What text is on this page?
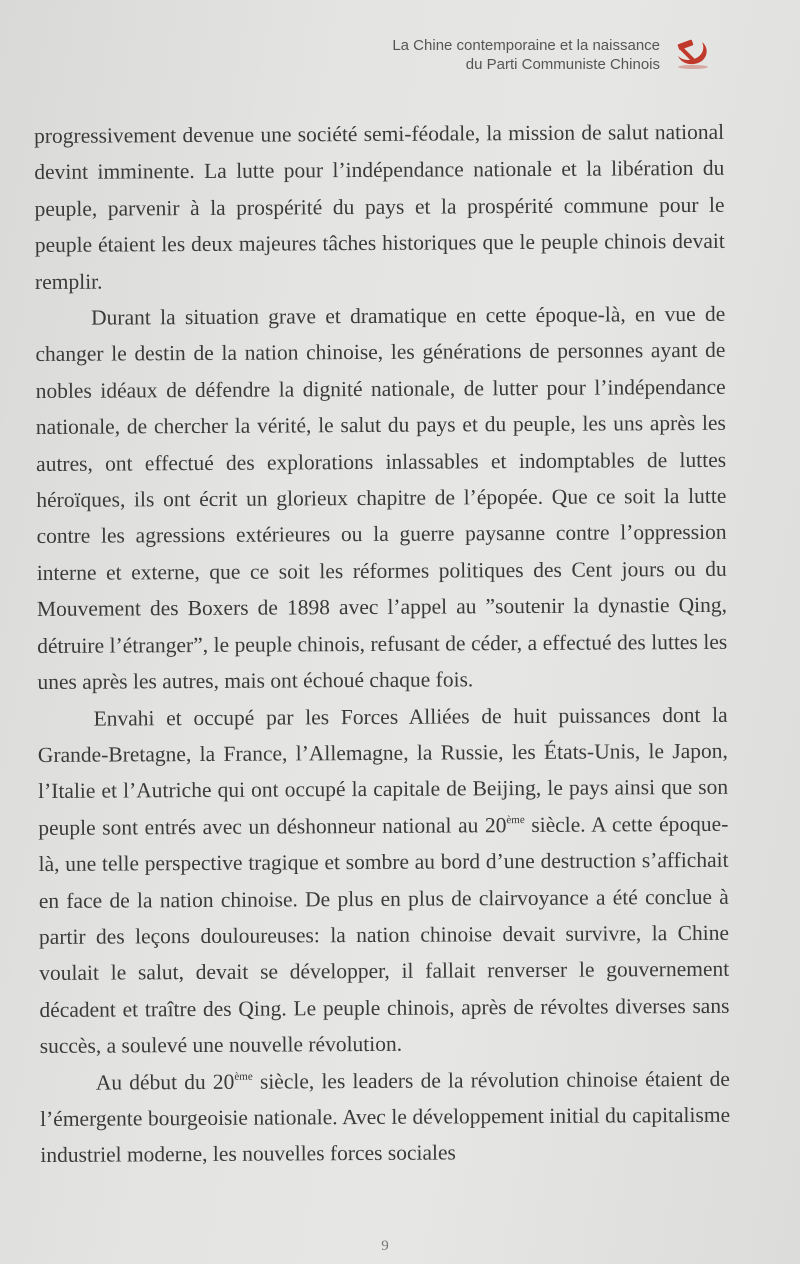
La Chine contemporaine et la naissance
du Parti Communiste Chinois

progressivement devenue une société semi-féodale, la mission de salut national devint imminente. La lutte pour l’indépendance nationale et la libération du peuple, parvenir à la prospérité du pays et la prospérité commune pour le peuple étaient les deux majeures tâches historiques que le peuple chinois devait remplir.

Durant la situation grave et dramatique en cette époque-là, en vue de changer le destin de la nation chinoise, les générations de personnes ayant de nobles idéaux de défendre la dignité nationale, de lutter pour l’indépendance nationale, de chercher la vérité, le salut du pays et du peuple, les uns après les autres, ont effectué des explorations inlassables et indomptables de luttes héroïques, ils ont écrit un glorieux chapitre de l’épopée. Que ce soit la lutte contre les agressions extérieures ou la guerre paysanne contre l’oppression interne et externe, que ce soit les réformes politiques des Cent jours ou du Mouvement des Boxers de 1898 avec l’appel au ”soutenir la dynastie Qing, détruire l’étranger”, le peuple chinois, refusant de céder, a effectué des luttes les unes après les autres, mais ont échoué chaque fois.

Envahi et occupé par les Forces Alliées de huit puissances dont la Grande-Bretagne, la France, l’Allemagne, la Russie, les États-Unis, le Japon, l’Italie et l’Autriche qui ont occupé la capitale de Beijing, le pays ainsi que son peuple sont entrés avec un déshonneur national au 20ème siècle. A cette époque-là, une telle perspective tragique et sombre au bord d’une destruction s’affichait en face de la nation chinoise. De plus en plus de clairvoyance a été conclue à partir des leçons douloureuses: la nation chinoise devait survivre, la Chine voulait le salut, devait se développer, il fallait renverser le gouvernement décadent et traître des Qing. Le peuple chinois, après de révoltes diverses sans succès, a soulevé une nouvelle révolution.

Au début du 20ème siècle, les leaders de la révolution chinoise étaient de l’émergente bourgeoisie nationale. Avec le développement initial du capitalisme industriel moderne, les nouvelles forces sociales

9
